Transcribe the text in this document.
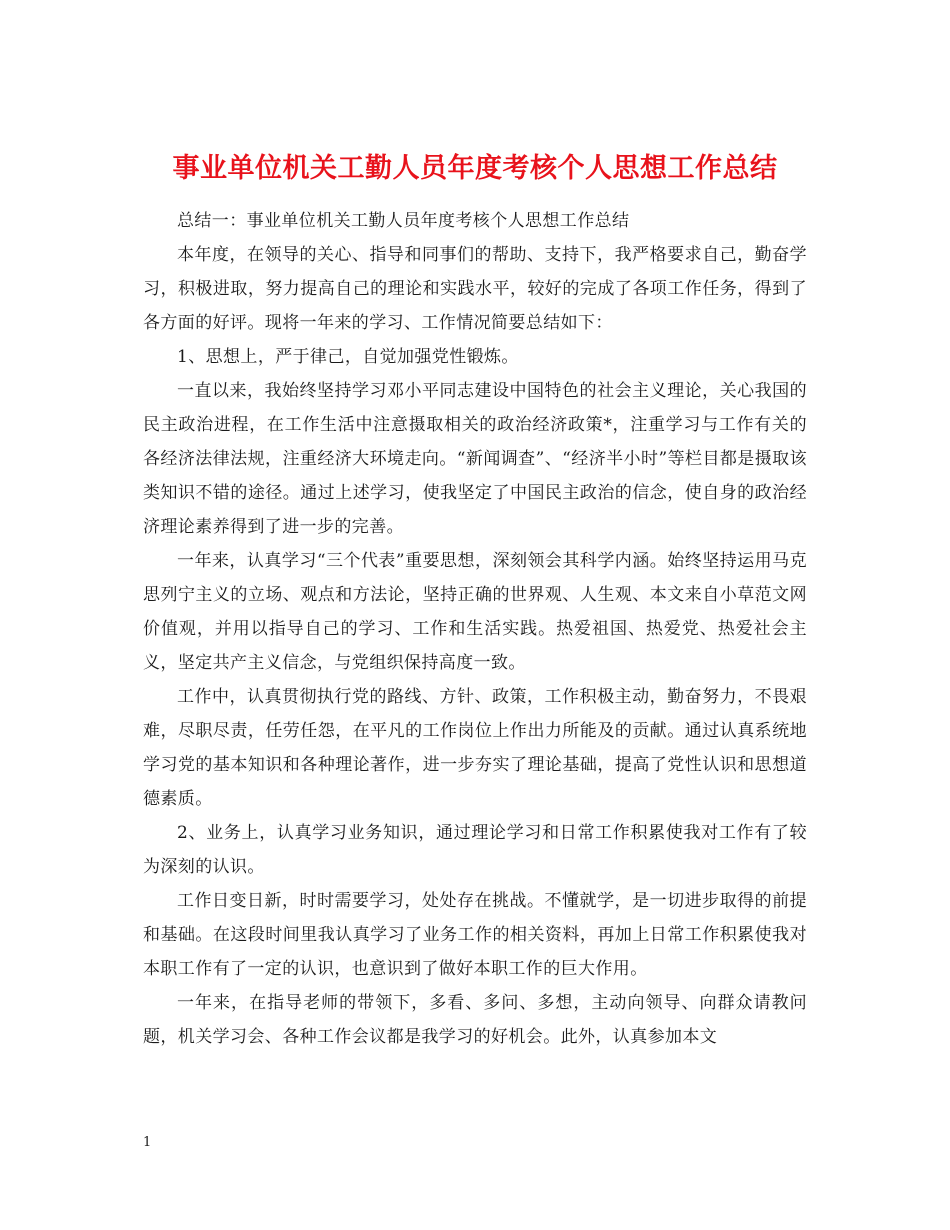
事业单位机关工勤人员年度考核个人思想工作总结

总结一：事业单位机关工勤人员年度考核个人思想工作总结

本年度，在领导的关心、指导和同事们的帮助、支持下，我严格要求自己，勤奋学习，积极进取，努力提高自己的理论和实践水平，较好的完成了各项工作任务，得到了各方面的好评。现将一年来的学习、工作情况简要总结如下：

1、思想上，严于律己，自觉加强党性锻炼。

一直以来，我始终坚持学习邓小平同志建设中国特色的社会主义理论，关心我国的民主政治进程，在工作生活中注意摄取相关的政治经济政策*，注重学习与工作有关的各经济法律法规，注重经济大环境走向。“新闻调查”、“经济半小时”等栏目都是摄取该类知识不错的途径。通过上述学习，使我坚定了中国民主政治的信念，使自身的政治经济理论素养得到了进一步的完善。

一年来，认真学习“三个代表”重要思想，深刻领会其科学内涵。始终坚持运用马克思列宁主义的立场、观点和方法论，坚持正确的世界观、人生观、本文来自小草范文网价值观，并用以指导自己的学习、工作和生活实践。热爱祖国、热爱党、热爱社会主义，坚定共产主义信念，与党组织保持高度一致。

工作中，认真贯彻执行党的路线、方针、政策，工作积极主动，勤奋努力，不畏艰难，尽职尽责，任劳任怨，在平凡的工作岗位上作出力所能及的贡献。通过认真系统地学习党的基本知识和各种理论著作，进一步夯实了理论基础，提高了党性认识和思想道德素质。

2、业务上，认真学习业务知识，通过理论学习和日常工作积累使我对工作有了较为深刻的认识。

工作日变日新，时时需要学习，处处存在挑战。不懂就学，是一切进步取得的前提和基础。在这段时间里我认真学习了业务工作的相关资料，再加上日常工作积累使我对本职工作有了一定的认识，也意识到了做好本职工作的巨大作用。

一年来，在指导老师的带领下，多看、多问、多想，主动向领导、向群众请教问题，机关学习会、各种工作会议都是我学习的好机会。此外，认真参加本文

1
